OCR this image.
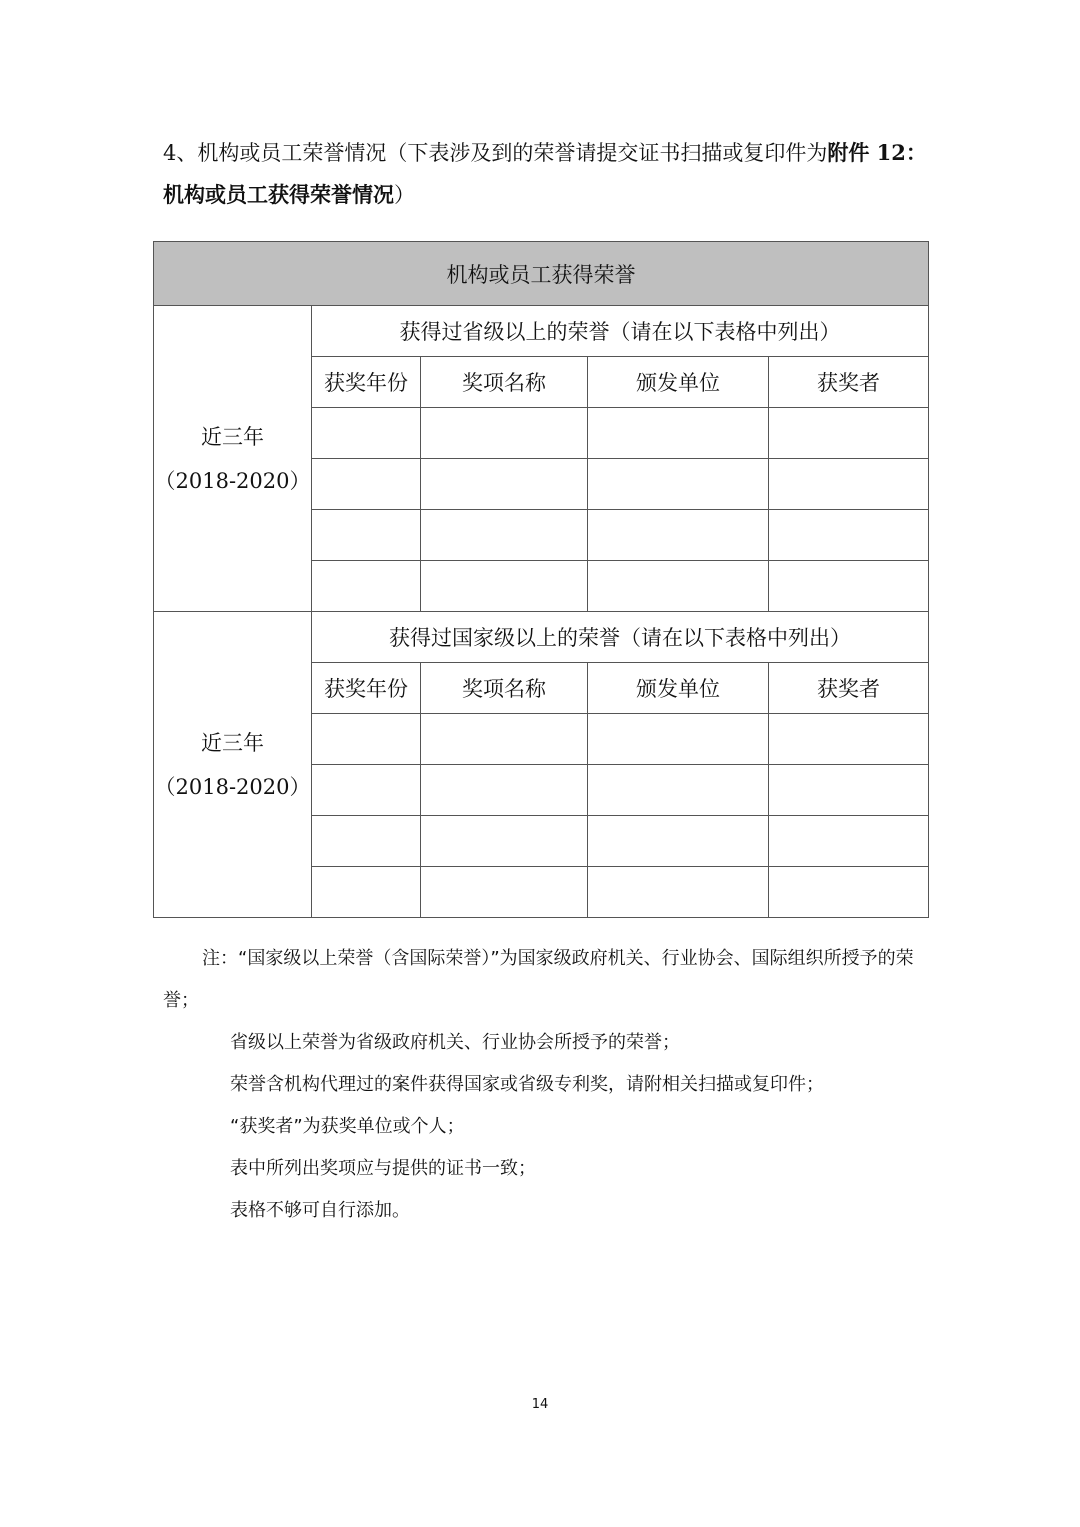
4、机构或员工荣誉情况（下表涉及到的荣誉请提交证书扫描或复印件为附件 12：
机构或员工获得荣誉情况）
机构或员工获得荣誉				
近三年
（2018-2020）	获得过省级以上的荣誉（请在以下表格中列出）			
	获奖年份	奖项名称	颁发单位	获奖者

近三年
（2018-2020）	获得过国家级以上的荣誉（请在以下表格中列出）			
	获奖年份	奖项名称	颁发单位	获奖者

注：“国家级以上荣誉（含国际荣誉）”为国家级政府机关、行业协会、国际组织所授予的荣誉；

省级以上荣誉为省级政府机关、行业协会所授予的荣誉；

荣誉含机构代理过的案件获得国家或省级专利奖，请附相关扫描或复印件；

“获奖者”为获奖单位或个人；

表中所列出奖项应与提供的证书一致；

表格不够可自行添加。

14
